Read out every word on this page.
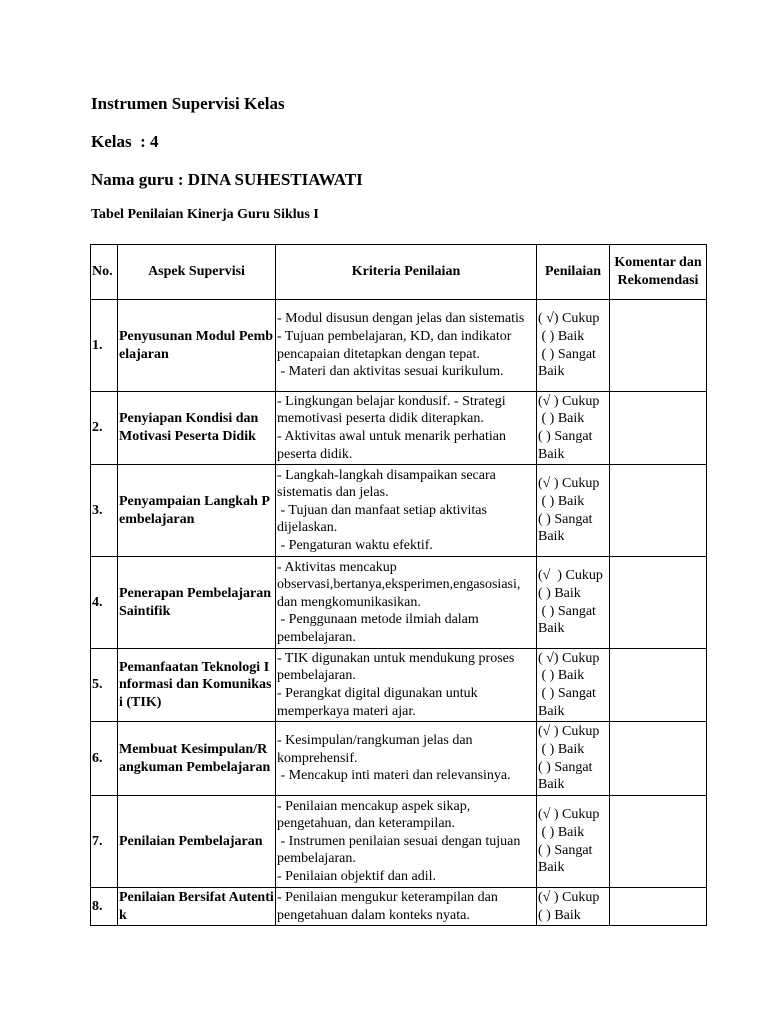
Instrumen Supervisi Kelas
Kelas  : 4
Nama guru : DINA SUHESTIAWATI
Tabel Penilaian Kinerja Guru Siklus I
No.	Aspek Supervisi	Kriteria Penilaian	Penilaian	Komentar dan Rekomendasi
1.	Penyusunan Modul Pembelajaran	- Modul disusun dengan jelas dan sistematis
- Tujuan pembelajaran, KD, dan indikator pencapaian ditetapkan dengan tepat.
- Materi dan aktivitas sesuai kurikulum.	( √) Cukup
( ) Baik
( ) Sangat Baik	

2.	Penyiapan Kondisi dan Motivasi Peserta Didik	- Lingkungan belajar kondusif. - Strategi memotivasi peserta didik diterapkan.
- Aktivitas awal untuk menarik perhatian peserta didik.	(√ ) Cukup
( ) Baik
( ) Sangat Baik	

3.	Penyampaian Langkah Pembelajaran	- Langkah-langkah disampaikan secara sistematis dan jelas.
- Tujuan dan manfaat setiap aktivitas dijelaskan.
- Pengaturan waktu efektif.	(√ ) Cukup
( ) Baik
( ) Sangat Baik	

4.	Penerapan Pembelajaran Saintifik	- Aktivitas mencakup observasi,bertanya,eksperimen,engasosiasi, dan mengkomunikasikan.
- Penggunaan metode ilmiah dalam pembelajaran.	(√  ) Cukup
( ) Baik
( ) Sangat Baik	

5.	Pemanfaatan Teknologi Informasi dan Komunikasi (TIK)	- TIK digunakan untuk mendukung proses pembelajaran.
- Perangkat digital digunakan untuk memperkaya materi ajar.	( √) Cukup
( ) Baik
( ) Sangat Baik	

6.	Membuat Kesimpulan/Rangkuman Pembelajaran	- Kesimpulan/rangkuman jelas dan komprehensif.
- Mencakup inti materi dan relevansinya.	(√ ) Cukup
( ) Baik
( ) Sangat Baik	

7.	Penilaian Pembelajaran	- Penilaian mencakup aspek sikap, pengetahuan, dan keterampilan.
- Instrumen penilaian sesuai dengan tujuan pembelajaran.
- Penilaian objektif dan adil.	(√ ) Cukup
( ) Baik
( ) Sangat Baik	

8.	Penilaian Bersifat Autentik	- Penilaian mengukur keterampilan dan pengetahuan dalam konteks nyata.	(√ ) Cukup
( ) Baik	
